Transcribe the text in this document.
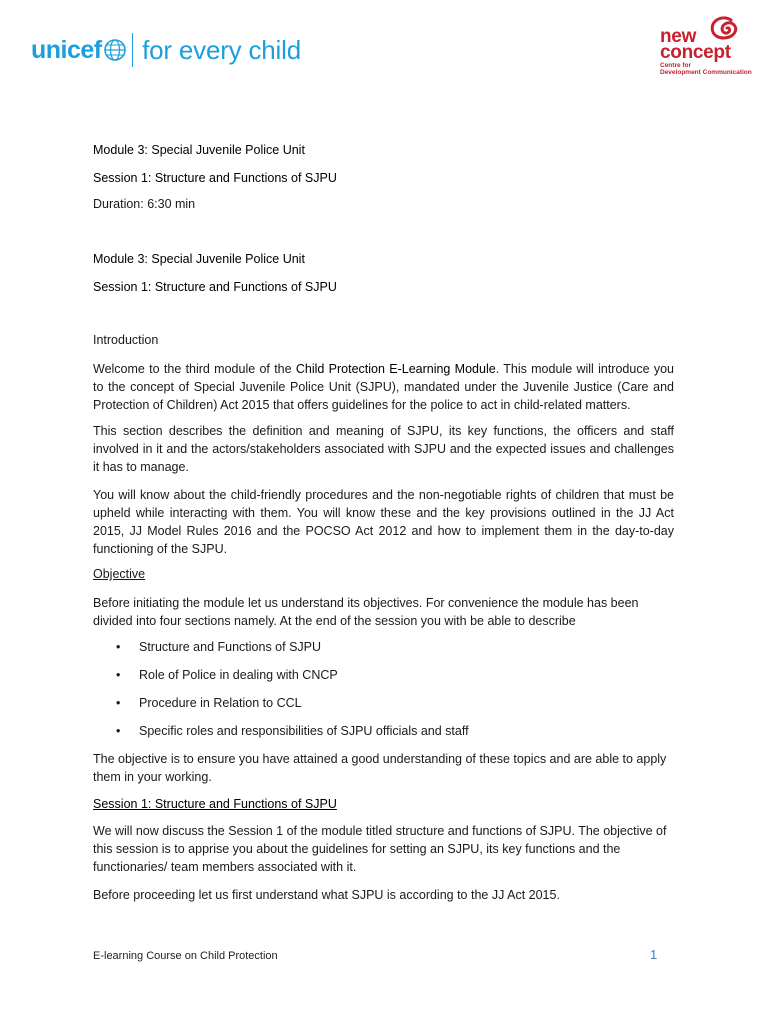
unicef for every child	new
concept
Centre for
Development Communication
Module 3: Special Juvenile Police Unit
Session 1: Structure and Functions of SJPU
Duration: 6:30 min
Module 3: Special Juvenile Police Unit
Session 1: Structure and Functions of SJPU
Introduction
Welcome to the third module of the Child Protection E-Learning Module. This module will introduce you to the concept of Special Juvenile Police Unit (SJPU), mandated under the Juvenile Justice (Care and Protection of Children) Act 2015 that offers guidelines for the police to act in child-related matters.
This section describes the definition and meaning of SJPU, its key functions, the officers and staff involved in it and the actors/stakeholders associated with SJPU and the expected issues and challenges it has to manage.
You will know about the child-friendly procedures and the non-negotiable rights of children that must be upheld while interacting with them. You will know these and the key provisions outlined in the JJ Act 2015, JJ Model Rules 2016 and the POCSO Act 2012 and how to implement them in the day-to-day functioning of the SJPU.
Objective
Before initiating the module let us understand its objectives. For convenience the module has been divided into four sections namely. At the end of the session you with be able to describe
• Structure and Functions of SJPU
• Role of Police in dealing with CNCP
• Procedure in Relation to CCL
• Specific roles and responsibilities of SJPU officials and staff
The objective is to ensure you have attained a good understanding of these topics and are able to apply them in your working.
Session 1: Structure and Functions of SJPU
We will now discuss the Session 1 of the module titled structure and functions of SJPU. The objective of this session is to apprise you about the guidelines for setting an SJPU, its key functions and the functionaries/ team members associated with it.
Before proceeding let us first understand what SJPU is according to the JJ Act 2015.
E-learning Course on Child Protection	1
